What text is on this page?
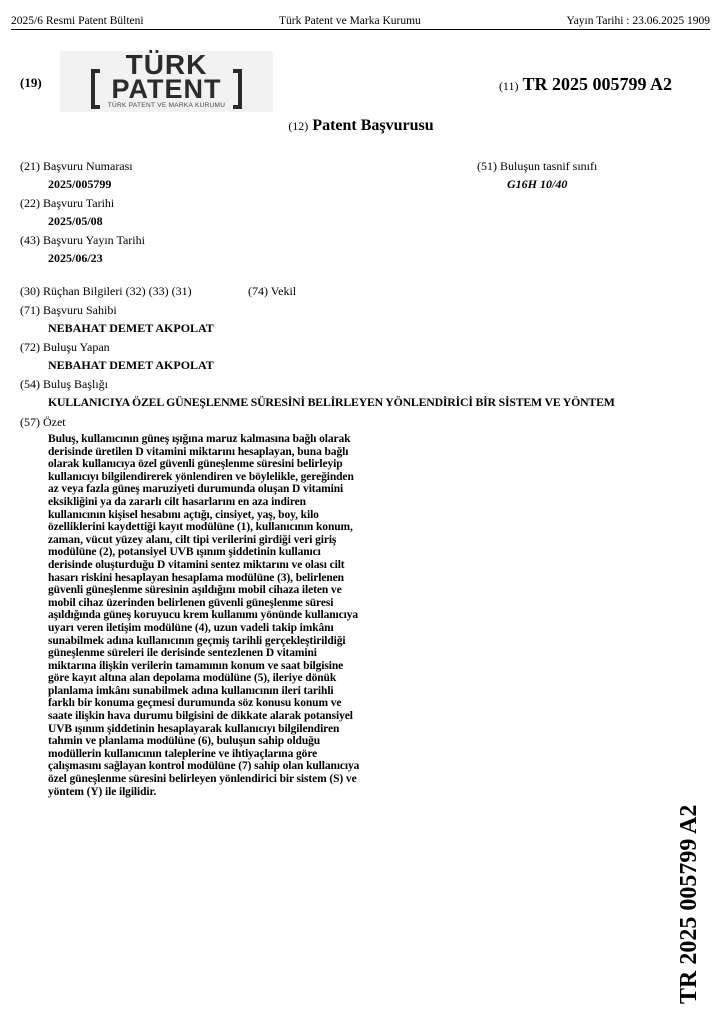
2025/6 Resmi Patent Bülteni	Türk Patent ve Marka Kurumu	Yayın Tarihi : 23.06.2025 1909
(19)
TÜRK
PATENT
TÜRK PATENT VE MARKA KURUMU
(11) TR 2025 005799 A2
(12) Patent Başvurusu
(21) Başvuru Numarası
2025/005799
(22) Başvuru Tarihi
2025/05/08
(43) Başvuru Yayın Tarihi
2025/06/23
(51) Buluşun tasnif sınıfı
G16H 10/40
(30) Rüçhan Bilgileri (32) (33) (31)	(74) Vekil
(71) Başvuru Sahibi
NEBAHAT DEMET AKPOLAT
(72) Buluşu Yapan
NEBAHAT DEMET AKPOLAT
(54) Buluş Başlığı
KULLANICIYA ÖZEL GÜNEŞLENME SÜRESİNİ BELİRLEYEN YÖNLENDİRİCİ BİR SİSTEM VE YÖNTEM
(57) Özet
Buluş, kullanıcının güneş ışığına maruz kalmasına bağlı olarak derisinde üretilen D vitamini miktarını hesaplayan, buna bağlı olarak kullanıcıya özel güvenli güneşlenme süresini belirleyip kullanıcıyı bilgilendirerek yönlendiren ve böylelikle, gereğinden az veya fazla güneş maruziyeti durumunda oluşan D vitamini eksikliğini ya da zararlı cilt hasarlarını en aza indiren kullanıcının kişisel hesabını açtığı, cinsiyet, yaş, boy, kilo özelliklerini kaydettiği kayıt modülüne (1), kullanıcının konum, zaman, vücut yüzey alanı, cilt tipi verilerini girdiği veri giriş modülüne (2), potansiyel UVB ışınım şiddetinin kullanıcı derisinde oluşturduğu D vitamini sentez miktarını ve olası cilt hasarı riskini hesaplayan hesaplama modülüne (3), belirlenen güvenli güneşlenme süresinin aşıldığını mobil cihaza ileten ve mobil cihaz üzerinden belirlenen güvenli güneşlenme süresi aşıldığında güneş koruyucu krem kullanımı yönünde kullanıcıya uyarı veren iletişim modülüne (4), uzun vadeli takip imkânı sunabilmek adına kullanıcının geçmiş tarihli gerçekleştirildiği güneşlenme süreleri ile derisinde sentezlenen D vitamini miktarına ilişkin verilerin tamamının konum ve saat bilgisine göre kayıt altına alan depolama modülüne (5), ileriye dönük planlama imkânı sunabilmek adına kullanıcının ileri tarihli farklı bir konuma geçmesi durumunda söz konusu konum ve saate ilişkin hava durumu bilgisini de dikkate alarak potansiyel UVB ışınım şiddetinin hesaplayarak kullanıcıyı bilgilendiren tahmin ve planlama modülüne (6), buluşun sahip olduğu modüllerin kullanıcının taleplerine ve ihtiyaçlarına göre çalışmasını sağlayan kontrol modülüne (7) sahip olan kullanıcıya özel güneşlenme süresini belirleyen yönlendirici bir sistem (S) ve yöntem (Y) ile ilgilidir.
TR 2025 005799 A2
